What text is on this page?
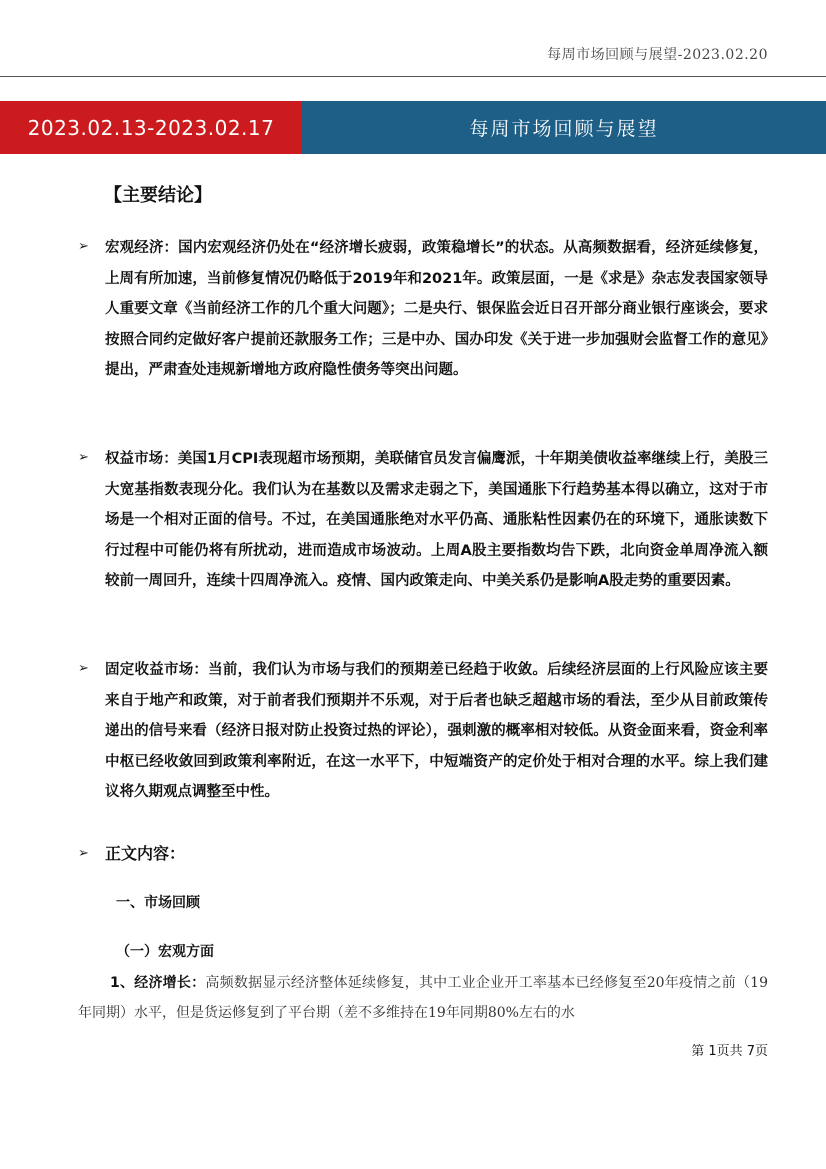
每周市场回顾与展望-2023.02.20
2023.02.13-2023.02.17	每周市场回顾与展望
【主要结论】
➢ 宏观经济：国内宏观经济仍处在“经济增长疲弱，政策稳增长”的状态。从高频数据看，经济延续修复，上周有所加速，当前修复情况仍略低于2019年和2021年。政策层面，一是《求是》杂志发表国家领导人重要文章《当前经济工作的几个重大问题》；二是央行、银保监会近日召开部分商业银行座谈会，要求按照合同约定做好客户提前还款服务工作；三是中办、国办印发《关于进一步加强财会监督工作的意见》提出，严肃查处违规新增地方政府隐性债务等突出问题。
➢ 权益市场：美国1月CPI表现超市场预期，美联储官员发言偏鹰派，十年期美债收益率继续上行，美股三大宽基指数表现分化。我们认为在基数以及需求走弱之下，美国通胀下行趋势基本得以确立，这对于市场是一个相对正面的信号。不过，在美国通胀绝对水平仍高、通胀粘性因素仍在的环境下，通胀读数下行过程中可能仍将有所扰动，进而造成市场波动。上周A股主要指数均告下跌，北向资金单周净流入额较前一周回升，连续十四周净流入。疫情、国内政策走向、中美关系仍是影响A股走势的重要因素。
➢ 固定收益市场：当前，我们认为市场与我们的预期差已经趋于收敛。后续经济层面的上行风险应该主要来自于地产和政策，对于前者我们预期并不乐观，对于后者也缺乏超越市场的看法，至少从目前政策传递出的信号来看（经济日报对防止投资过热的评论），强刺激的概率相对较低。从资金面来看，资金利率中枢已经收敛回到政策利率附近，在这一水平下，中短端资产的定价处于相对合理的水平。综上我们建议将久期观点调整至中性。
➢ 正文内容：
一、市场回顾
（一）宏观方面
1、经济增长：高频数据显示经济整体延续修复，其中工业企业开工率基本已经修复至20年疫情之前（19年同期）水平，但是货运修复到了平台期（差不多维持在19年同期80%左右的水
第 1页共 7页
